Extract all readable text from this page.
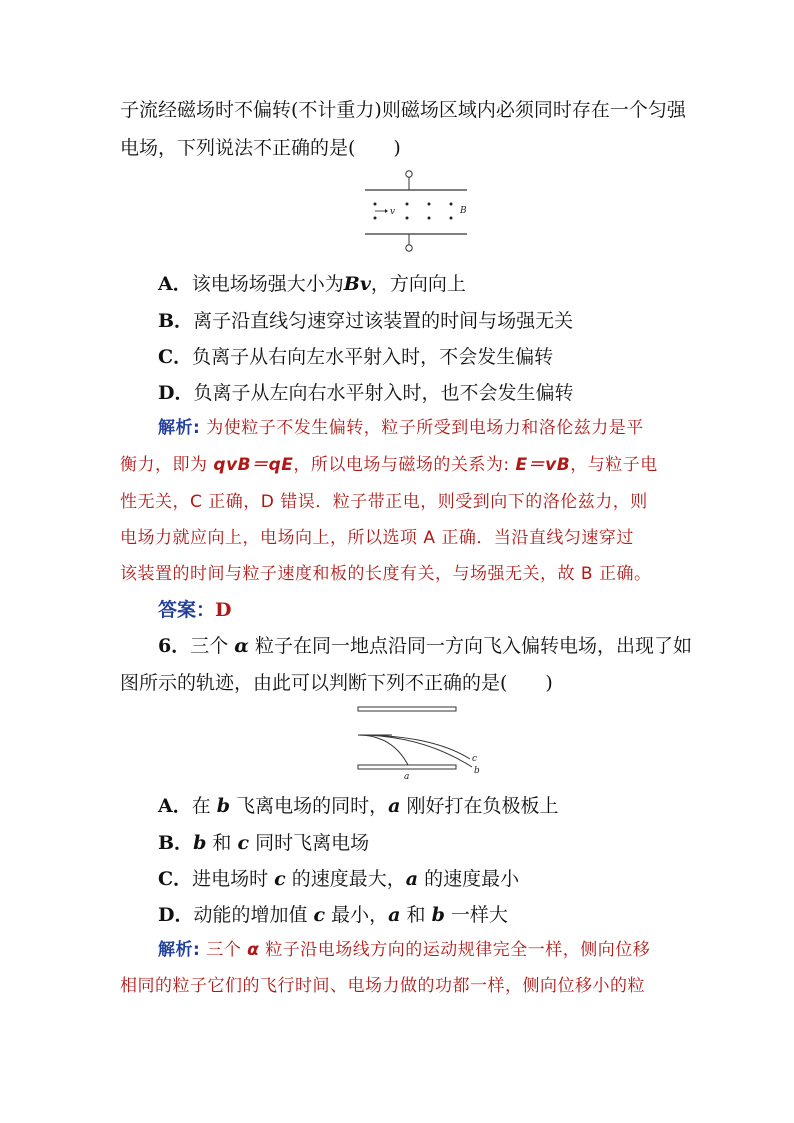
子流经磁场时不偏转(不计重力)则磁场区域内必须同时存在一个匀强
电场，下列说法不正确的是(　　)
v	B
A．该电场场强大小为Bv，方向向上
B．离子沿直线匀速穿过该装置的时间与场强无关
C．负离子从右向左水平射入时，不会发生偏转
D．负离子从左向右水平射入时，也不会发生偏转
解析: 为使粒子不发生偏转，粒子所受到电场力和洛伦兹力是平
衡力，即为 qvB＝qE，所以电场与磁场的关系为: E＝vB，与粒子电
性无关，C 正确，D 错误．粒子带正电，则受到向下的洛伦兹力，则
电场力就应向上，电场向上，所以选项 A 正确．当沿直线匀速穿过
该装置的时间与粒子速度和板的长度有关，与场强无关，故 B 正确。
答案：D
6．三个 α 粒子在同一地点沿同一方向飞入偏转电场，出现了如
图所示的轨迹，由此可以判断下列不正确的是(　　)
a
b
c
A．在 b 飞离电场的同时，a 刚好打在负极板上
B．b 和 c 同时飞离电场
C．进电场时 c 的速度最大，a 的速度最小
D．动能的增加值 c 最小，a 和 b 一样大
解析: 三个 α 粒子沿电场线方向的运动规律完全一样，侧向位移
相同的粒子它们的飞行时间、电场力做的功都一样，侧向位移小的粒
